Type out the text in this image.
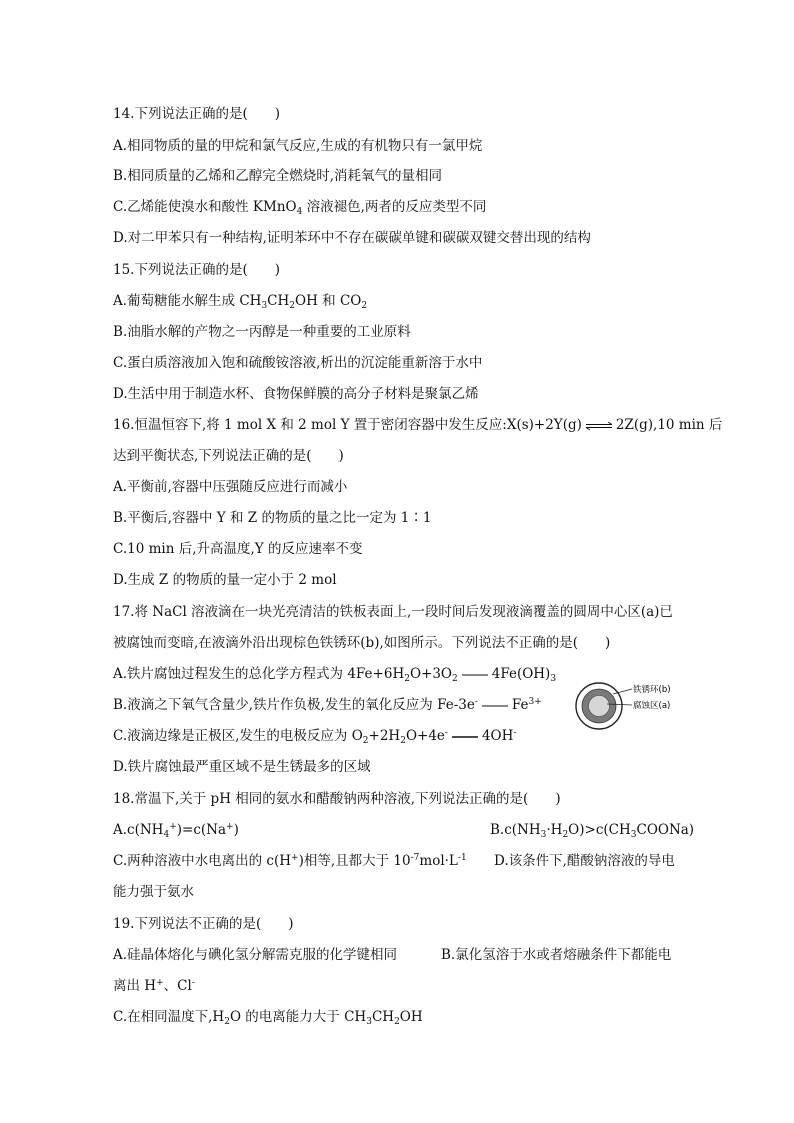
14.下列说法正确的是(　　)
A.相同物质的量的甲烷和氯气反应,生成的有机物只有一氯甲烷
B.相同质量的乙烯和乙醇完全燃烧时,消耗氧气的量相同
C.乙烯能使溴水和酸性 KMnO$_4$ 溶液褪色,两者的反应类型不同
D.对二甲苯只有一种结构,证明苯环中不存在碳碳单键和碳碳双键交替出现的结构
15.下列说法正确的是(　　)
A.葡萄糖能水解生成 $CH_3CH_2OH$ 和 $CO_2$
B.油脂水解的产物之一丙醇是一种重要的工业原料
C.蛋白质溶液加入饱和硫酸铵溶液,析出的沉淀能重新溶于水中
D.生活中用于制造水杯、食物保鲜膜的高分子材料是聚氯乙烯
16.恒温恒容下,将 1 mol X 和 2 mol Y 置于密闭容器中发生反应:X(s)+2Y(g) ⇌ 2Z(g),10 min 后
达到平衡状态,下列说法正确的是(　　)
A.平衡前,容器中压强随反应进行而减小
B.平衡后,容器中 Y 和 Z 的物质的量之比一定为 1∶1
C.10 min 后,升高温度,Y 的反应速率不变
D.生成 Z 的物质的量一定小于 2 mol
17.将 NaCl 溶液滴在一块光亮清洁的铁板表面上,一段时间后发现液滴覆盖的圆周中心区(a)已
被腐蚀而变暗,在液滴外沿出现棕色铁锈环(b),如图所示。下列说法不正确的是(　　)
A.铁片腐蚀过程发生的总化学方程式为 $4Fe+6H_2O+3O_2$	$4Fe(OH)_3$
B.液滴之下氧气含量少,铁片作负极,发生的氧化反应为 Fe-3e-	$Fe^{3+}$
C.液滴边缘是正极区,发生的电极反应为 $O_2+2H_2O+4e^-$	4OH-
D.铁片腐蚀最严重区域不是生锈最多的区域
铁锈环(b)
腐蚀区(a)
18.常温下,关于 pH 相同的氨水和醋酸钠两种溶液,下列说法正确的是(　　)
$A.c(NH_4^+)=c(Na^+)$	$B.c(NH_3\cdot H_2O)>c(CH_3COONa)$
C.两种溶液中水电离出的 c(H+)相等,且都大于 $10^{-7}mol\cdot L^{-1}$ D.该条件下,醋酸钠溶液的导电
能力强于氨水
19.下列说法不正确的是(　　)
A.硅晶体熔化与碘化氢分解需克服的化学键相同	B.氯化氢溶于水或者熔融条件下都能电
离出 H+、Cl-
C.在相同温度下$,H_2O$ 的电离能力大于 $CH_3CH_2OH$
